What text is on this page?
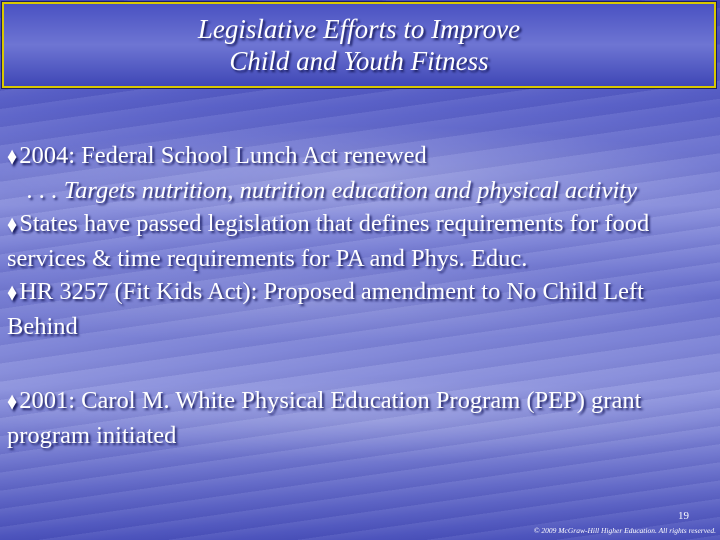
Legislative Efforts to Improve
Child and Youth Fitness
♦2004: Federal School Lunch Act renewed
. . . Targets nutrition, nutrition education and physical activity
♦States have passed legislation that defines requirements for food services & time requirements for PA and Phys. Educ.
♦HR 3257 (Fit Kids Act): Proposed amendment to No Child Left Behind
♦2001: Carol M. White Physical Education Program (PEP) grant program initiated
19
© 2009 McGraw-Hill Higher Education. All rights reserved.
